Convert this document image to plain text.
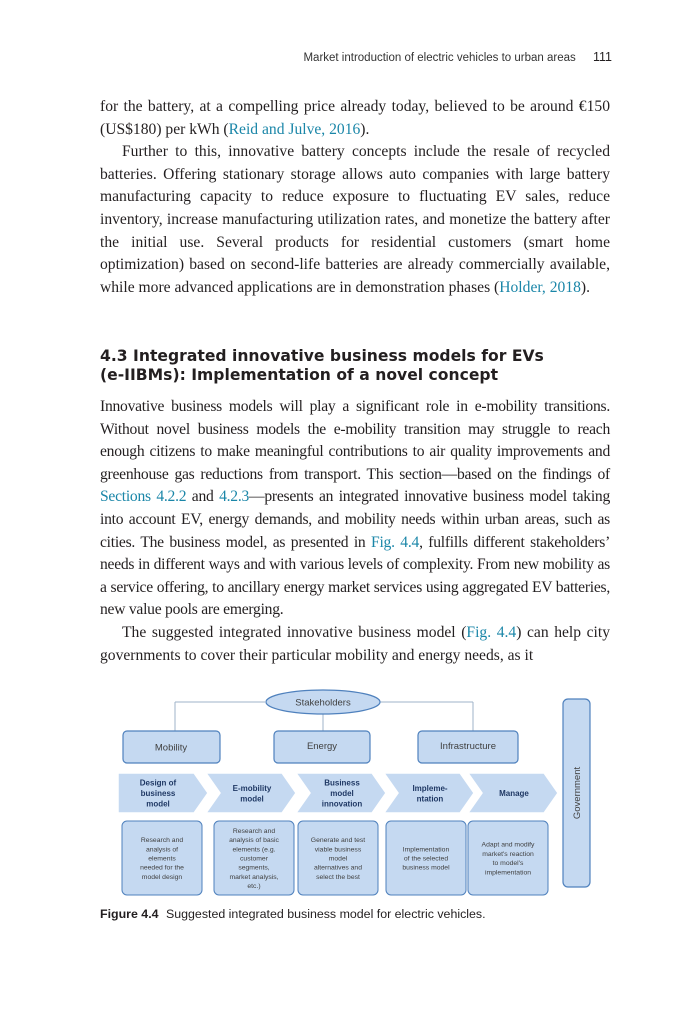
Market introduction of electric vehicles to urban areas 111

for the battery, at a compelling price already today, believed to be around €150 (US$180) per kWh (Reid and Julve, 2016).

Further to this, innovative battery concepts include the resale of recycled batteries. Offering stationary storage allows auto companies with large battery manufacturing capacity to reduce exposure to fluctuating EV sales, reduce inventory, increase manufacturing utilization rates, and monetize the battery after the initial use. Several products for residential customers (smart home optimization) based on second-life batteries are already commercially available, while more advanced applications are in demonstration phases (Holder, 2018).

4.3 Integrated innovative business models for EVs

(e-IIBMs): Implementation of a novel concept

Innovative business models will play a significant role in e-mobility transitions. Without novel business models the e-mobility transition may struggle to reach enough citizens to make meaningful contributions to air quality improvements and greenhouse gas reductions from transport. This section—based on the findings of Sections 4.2.2 and 4.2.3—presents an integrated innovative business model taking into account EV, energy demands, and mobility needs within urban areas, such as cities. The business model, as presented in Fig. 4.4, fulfills different stakeholders’ needs in different ways and with various levels of complexity. From new mobility as a service offering, to ancillary energy market services using aggregated EV batteries, new value pools are emerging.

The suggested integrated innovative business model (Fig. 4.4) can help city governments to cover their particular mobility and energy needs, as it

Stakeholders
Mobility	Energy	Infrastructure
Government
Design of
business
model
E-mobility
model
Business
model
innovation
Impleme-
ntation
Manage
Research and
analysis of
elements
needed for the
model design
Research and
analysis of basic
elements (e.g.
customer
segments,
market analysis,
etc.)
Generate and test
viable business
model
alternatives and
select the best
Implementation
of the selected
business model
Adapt and modify
market's reaction
to model's
implementation
Figure 4.4 Suggested integrated business model for electric vehicles.
